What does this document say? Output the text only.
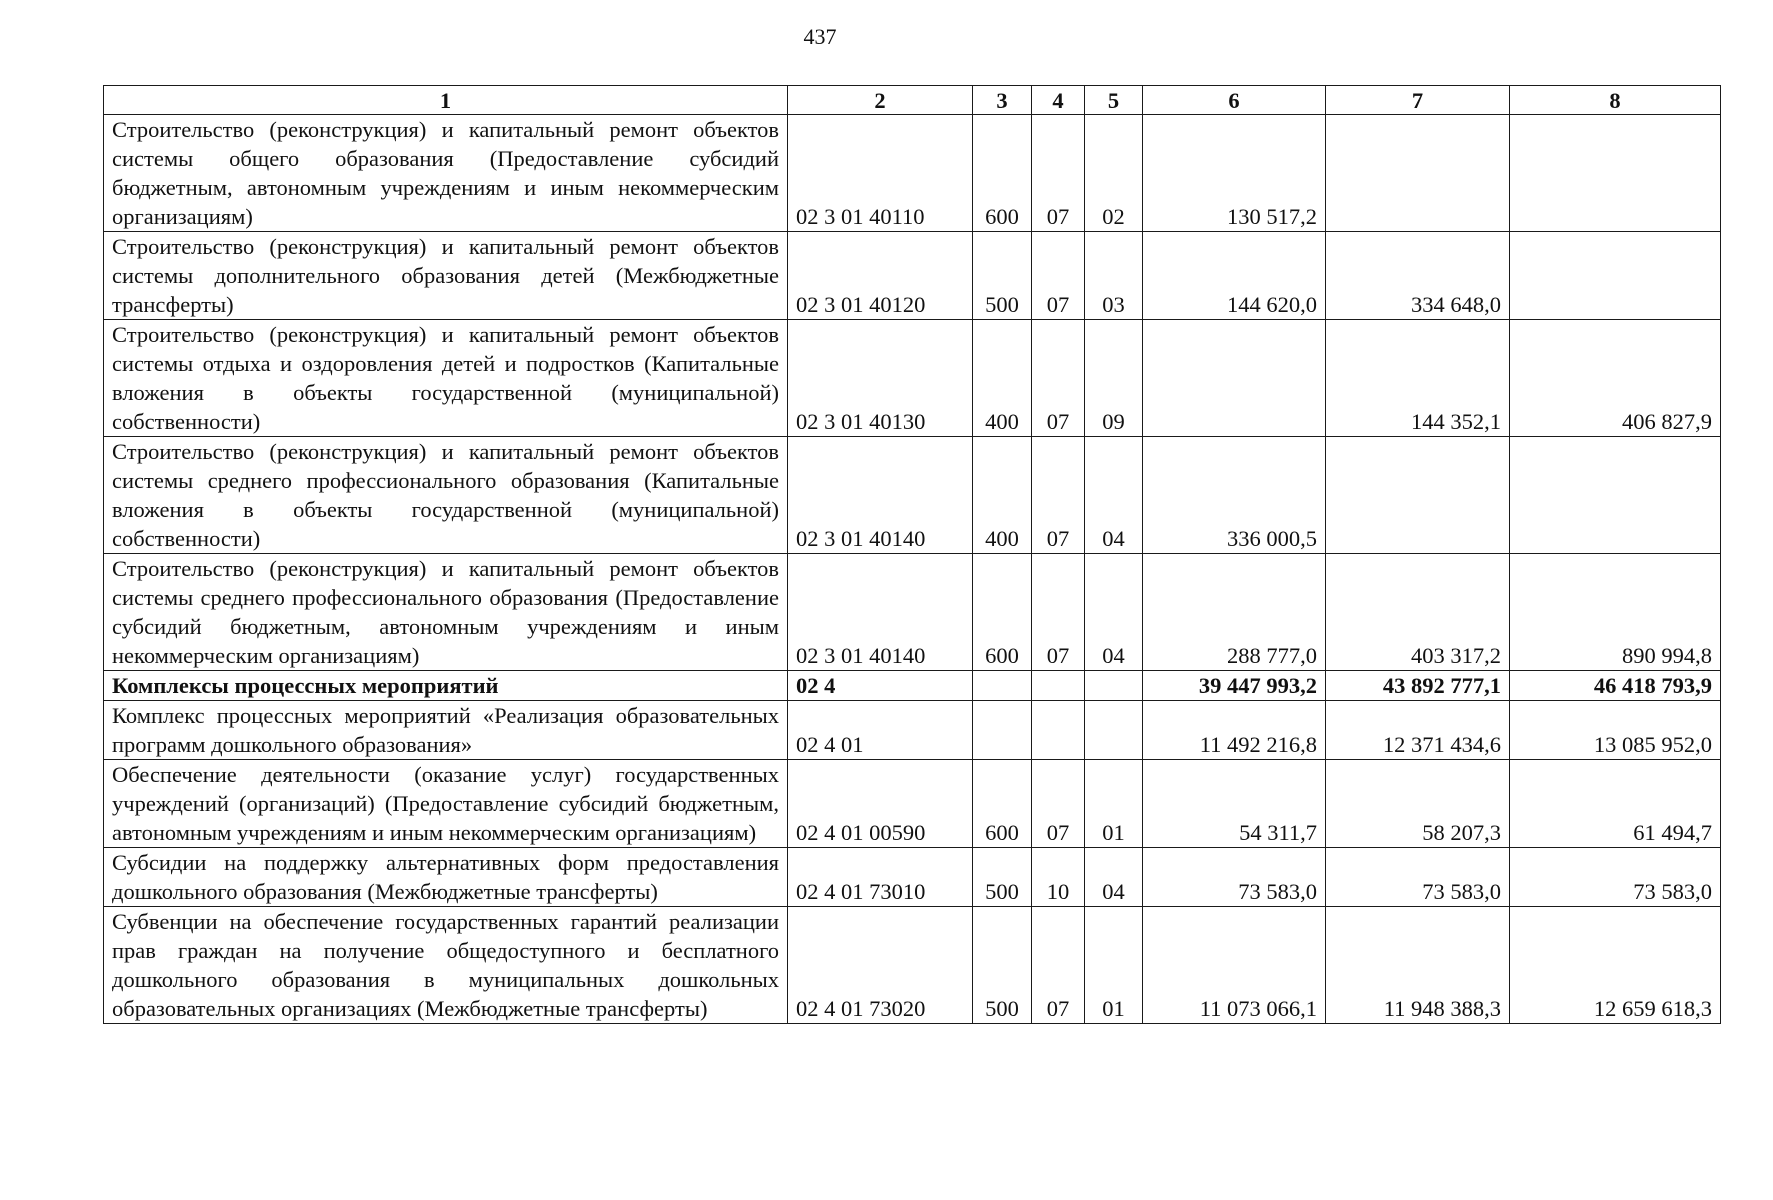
437
1	2	3	4	5	6	7	8
Строительство (реконструкция) и капитальный ремонт объектов системы общего образования (Предоставление субсидий бюджетным, автономным учреждениям и иным некоммерческим организациям)	02 3 01 40110	600	07	02	130 517,2		
Строительство (реконструкция) и капитальный ремонт объектов системы дополнительного образования детей (Межбюджетные трансферты)	02 3 01 40120	500	07	03	144 620,0	334 648,0	
Строительство (реконструкция) и капитальный ремонт объектов системы отдыха и оздоровления детей и подростков (Капитальные вложения в объекты государственной (муниципальной) собственности)	02 3 01 40130	400	07	09		144 352,1	406 827,9
Строительство (реконструкция) и капитальный ремонт объектов системы среднего профессионального образования (Капитальные вложения в объекты государственной (муниципальной) собственности)	02 3 01 40140	400	07	04	336 000,5		
Строительство (реконструкция) и капитальный ремонт объектов системы среднего профессионального образования (Предоставление субсидий бюджетным, автономным учреждениям и иным некоммерческим организациям)	02 3 01 40140	600	07	04	288 777,0	403 317,2	890 994,8
Комплексы процессных мероприятий	02 4				39 447 993,2	43 892 777,1	46 418 793,9
Комплекс процессных мероприятий «Реализация образовательных программ дошкольного образования»	02 4 01				11 492 216,8	12 371 434,6	13 085 952,0
Обеспечение деятельности (оказание услуг) государственных учреждений (организаций) (Предоставление субсидий бюджетным, автономным учреждениям и иным некоммерческим организациям)	02 4 01 00590	600	07	01	54 311,7	58 207,3	61 494,7
Субсидии на поддержку альтернативных форм предоставления дошкольного образования (Межбюджетные трансферты)	02 4 01 73010	500	10	04	73 583,0	73 583,0	73 583,0
Субвенции на обеспечение государственных гарантий реализации прав граждан на получение общедоступного и бесплатного дошкольного образования в муниципальных дошкольных образовательных организациях (Межбюджетные трансферты)	02 4 01 73020	500	07	01	11 073 066,1	11 948 388,3	12 659 618,3
